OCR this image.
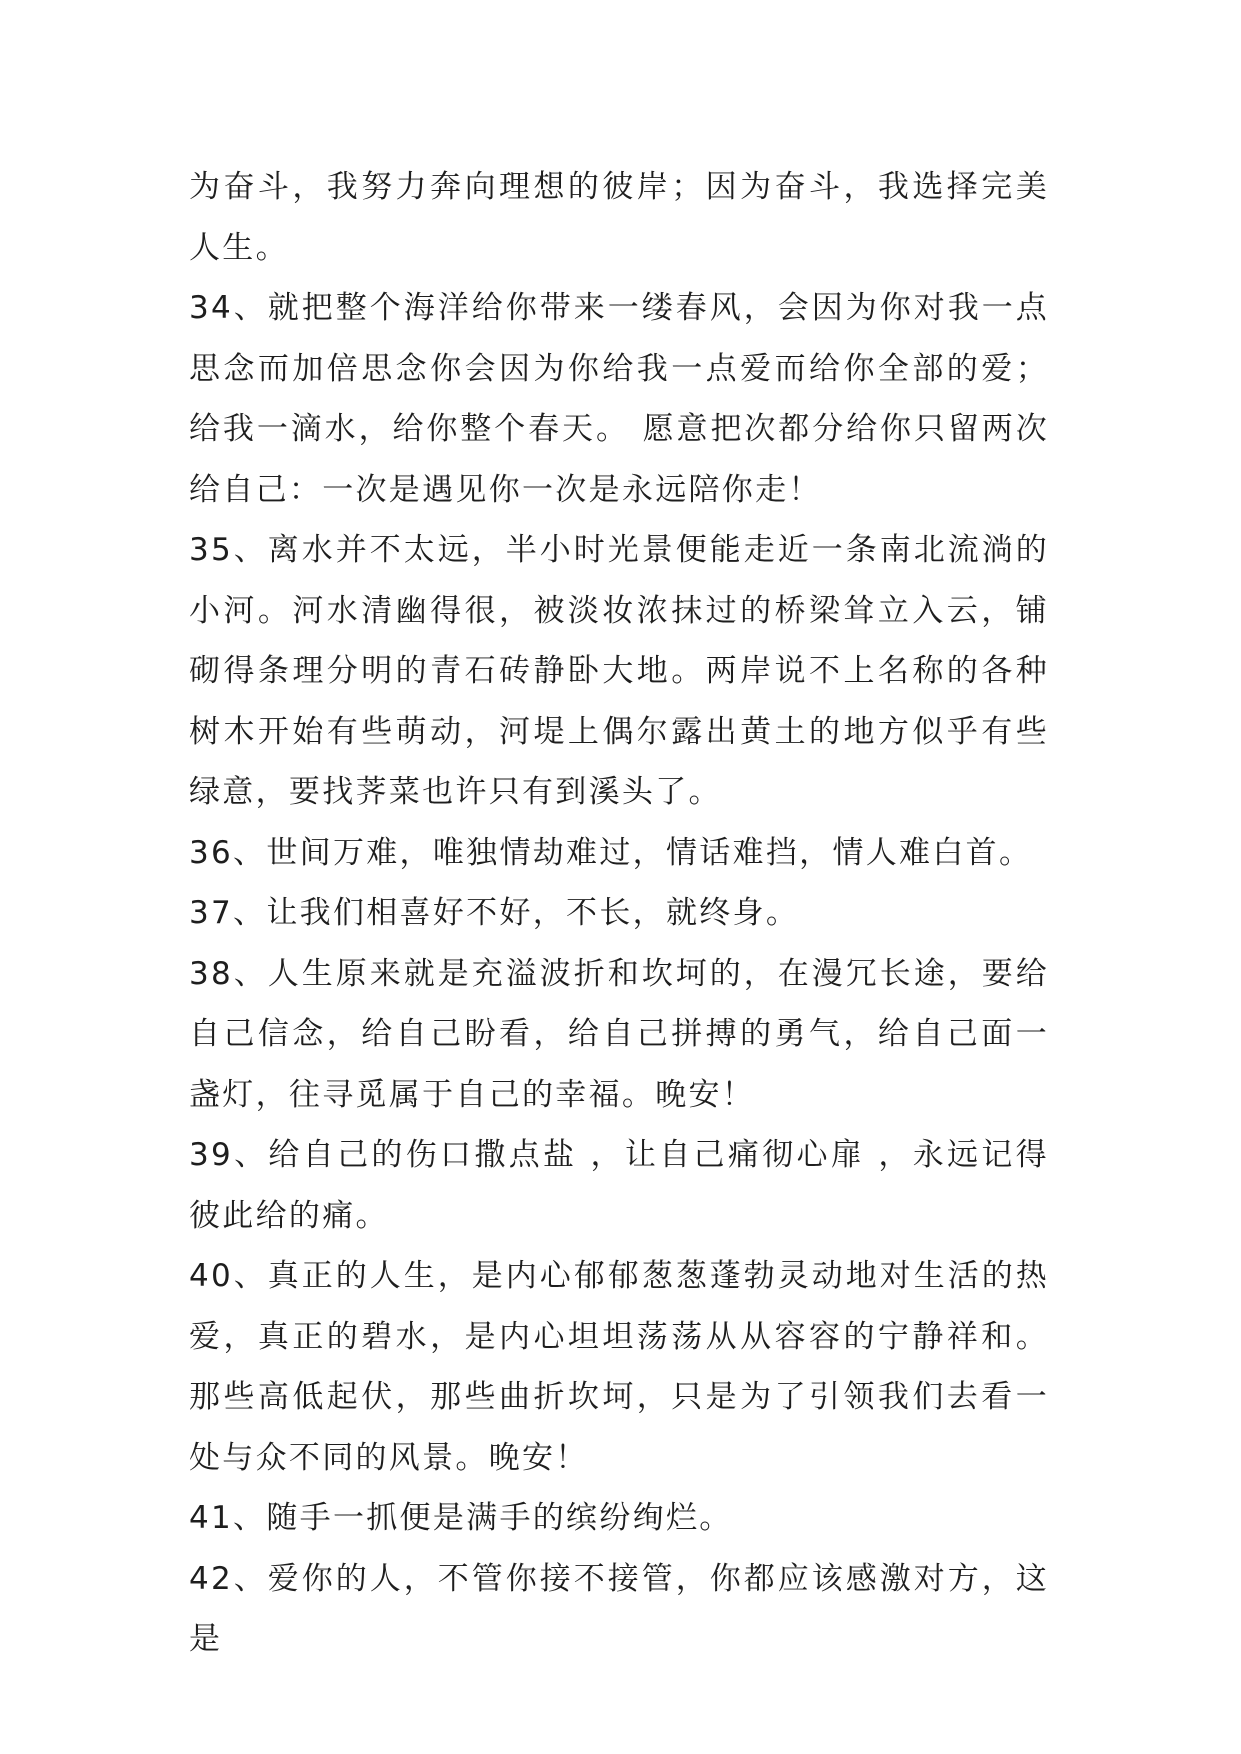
为奋斗，我努力奔向理想的彼岸；因为奋斗，我选择完美人生。

34、就把整个海洋给你带来一缕春风，会因为你对我一点思念而加倍思念你会因为你给我一点爱而给你全部的爱；给我一滴水，给你整个春天。 愿意把次都分给你只留两次给自己：一次是遇见你一次是永远陪你走！

35、离水并不太远，半小时光景便能走近一条南北流淌的小河。河水清幽得很，被淡妆浓抹过的桥梁耸立入云，铺砌得条理分明的青石砖静卧大地。两岸说不上名称的各种树木开始有些萌动，河堤上偶尔露出黄土的地方似乎有些绿意，要找荠菜也许只有到溪头了。

36、世间万难，唯独情劫难过，情话难挡，情人难白首。

37、让我们相喜好不好，不长，就终身。

38、人生原来就是充溢波折和坎坷的，在漫冗长途，要给自己信念，给自己盼看，给自己拼搏的勇气，给自己面一盏灯，往寻觅属于自己的幸福。晚安！

39、给自己的伤口撒点盐 ，让自己痛彻心扉 ，永远记得彼此给的痛。

40、真正的人生，是内心郁郁葱葱蓬勃灵动地对生活的热爱，真正的碧水，是内心坦坦荡荡从从容容的宁静祥和。那些高低起伏，那些曲折坎坷，只是为了引领我们去看一处与众不同的风景。晚安！

41、随手一抓便是满手的缤纷绚烂。

42、爱你的人，不管你接不接管，你都应该感激对方，这是
